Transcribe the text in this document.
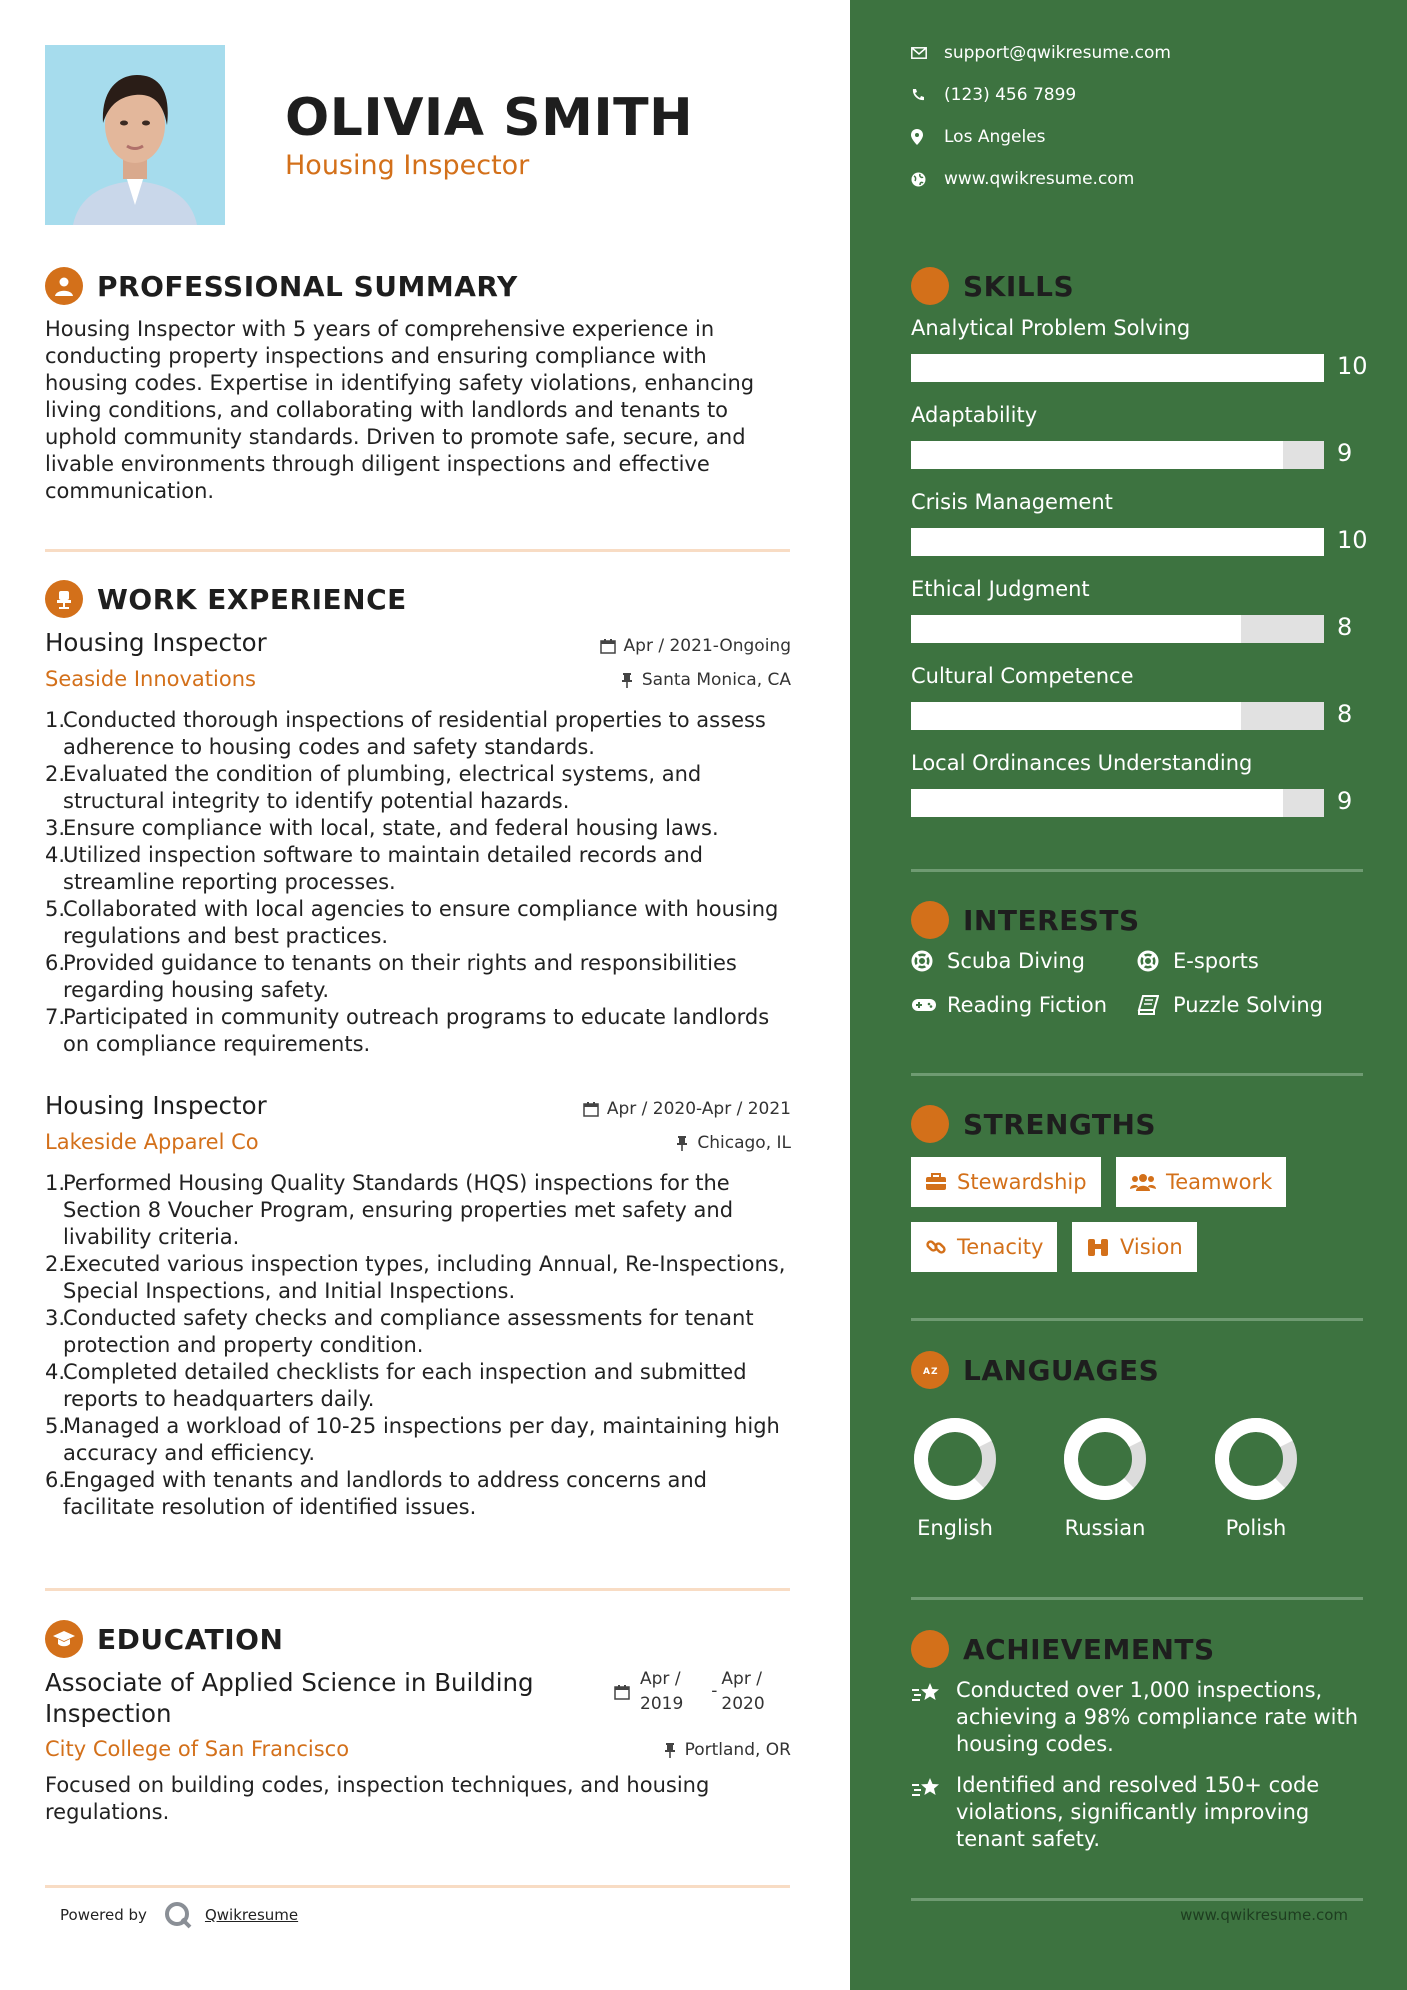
OLIVIA SMITH
Housing Inspector
PROFESSIONAL SUMMARY
Housing Inspector with 5 years of comprehensive experience in conducting property inspections and ensuring compliance with housing codes. Expertise in identifying safety violations, enhancing living conditions, and collaborating with landlords and tenants to uphold community standards. Driven to promote safe, secure, and livable environments through diligent inspections and effective communication.
WORK EXPERIENCE
Housing Inspector	Apr / 2021-Ongoing
Seaside Innovations	Santa Monica, CA
1.
Conducted thorough inspections of residential properties to assess adherence to housing codes and safety standards.
2.
Evaluated the condition of plumbing, electrical systems, and structural integrity to identify potential hazards.
3.
Ensure compliance with local, state, and federal housing laws.
4.
Utilized inspection software to maintain detailed records and streamline reporting processes.
5.
Collaborated with local agencies to ensure compliance with housing regulations and best practices.
6.
Provided guidance to tenants on their rights and responsibilities regarding housing safety.
7.
Participated in community outreach programs to educate landlords on compliance requirements.
Housing Inspector	Apr / 2020-Apr / 2021
Lakeside Apparel Co	Chicago, IL
1.
Performed Housing Quality Standards (HQS) inspections for the Section 8 Voucher Program, ensuring properties met safety and livability criteria.
2.
Executed various inspection types, including Annual, Re-Inspections, Special Inspections, and Initial Inspections.
3.
Conducted safety checks and compliance assessments for tenant protection and property condition.
4.
Completed detailed checklists for each inspection and submitted reports to headquarters daily.
5.
Managed a workload of 10-25 inspections per day, maintaining high accuracy and efficiency.
6.
Engaged with tenants and landlords to address concerns and facilitate resolution of identified issues.
EDUCATION
Associate of Applied Science in Building Inspection
Apr /
2019
-
Apr /
2020
City College of San Francisco	Portland, OR
Focused on building codes, inspection techniques, and housing regulations.
Powered by	Qwikresume
support@qwikresume.com
(123) 456 7899
Los Angeles
www.qwikresume.com
SKILLS
Analytical Problem Solving
10
Adaptability
9
Crisis Management
10
Ethical Judgment
8
Cultural Competence
8
Local Ordinances Understanding
9
INTERESTS
Scuba Diving	E-sports
Reading Fiction	Puzzle Solving
STRENGTHS
Stewardship	Teamwork
Tenacity	Vision
A Z LANGUAGES
English	Russian	Polish
ACHIEVEMENTS
Conducted over 1,000 inspections, achieving a 98% compliance rate with housing codes.
Identified and resolved 150+ code violations, significantly improving tenant safety.
www.qwikresume.com
